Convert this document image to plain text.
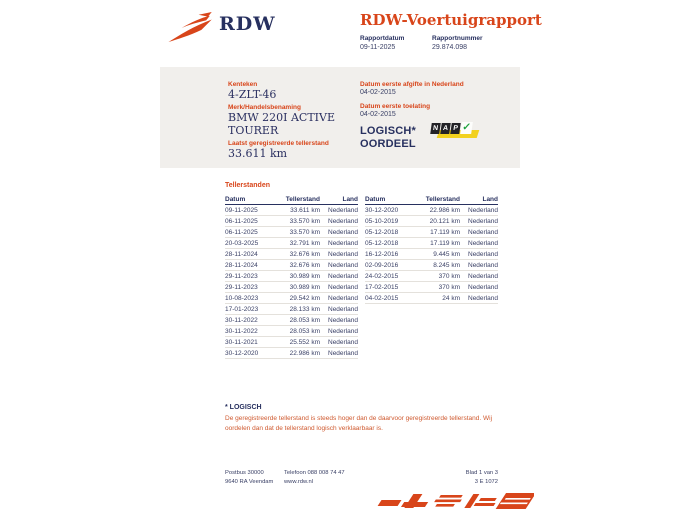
RDW	RDW-Voertuigrapport
Rapportdatum
09-11-2025
Rapportnummer
29.874.098
Kenteken
4-ZLT-46
Merk/Handelsbenaming
BMW 220I ACTIVE TOURER
Laatst geregistreerde tellerstand
33.611 km
Datum eerste afgifte in Nederland
04-02-2015
Datum eerste toelating
04-02-2015
LOGISCH*
OORDEEL
N A P ✓
Tellerstanden
Datum	Tellerstand	Land
09-11-2025	33.611 km	Nederland
06-11-2025	33.570 km	Nederland
06-11-2025	33.570 km	Nederland
20-03-2025	32.791 km	Nederland
28-11-2024	32.676 km	Nederland
28-11-2024	32.676 km	Nederland
29-11-2023	30.989 km	Nederland
29-11-2023	30.989 km	Nederland
10-08-2023	29.542 km	Nederland
17-01-2023	28.133 km	Nederland
30-11-2022	28.053 km	Nederland
30-11-2022	28.053 km	Nederland
30-11-2021	25.552 km	Nederland
30-12-2020	22.986 km	Nederland
Datum	Tellerstand	Land
30-12-2020	22.986 km	Nederland
05-10-2019	20.121 km	Nederland
05-12-2018	17.119 km	Nederland
05-12-2018	17.119 km	Nederland
16-12-2016	9.445 km	Nederland
02-09-2016	8.245 km	Nederland
24-02-2015	370 km	Nederland
17-02-2015	370 km	Nederland
04-02-2015	24 km	Nederland
* LOGISCH
De geregistreerde tellerstand is steeds hoger dan de daarvoor geregistreerde tellerstand. Wij oordelen dan dat de tellerstand logisch verklaarbaar is.
Postbus 30000
9640 RA Veendam
Telefoon 088 008 74 47
www.rdw.nl
Blad 1 van 3
3 E 1072
